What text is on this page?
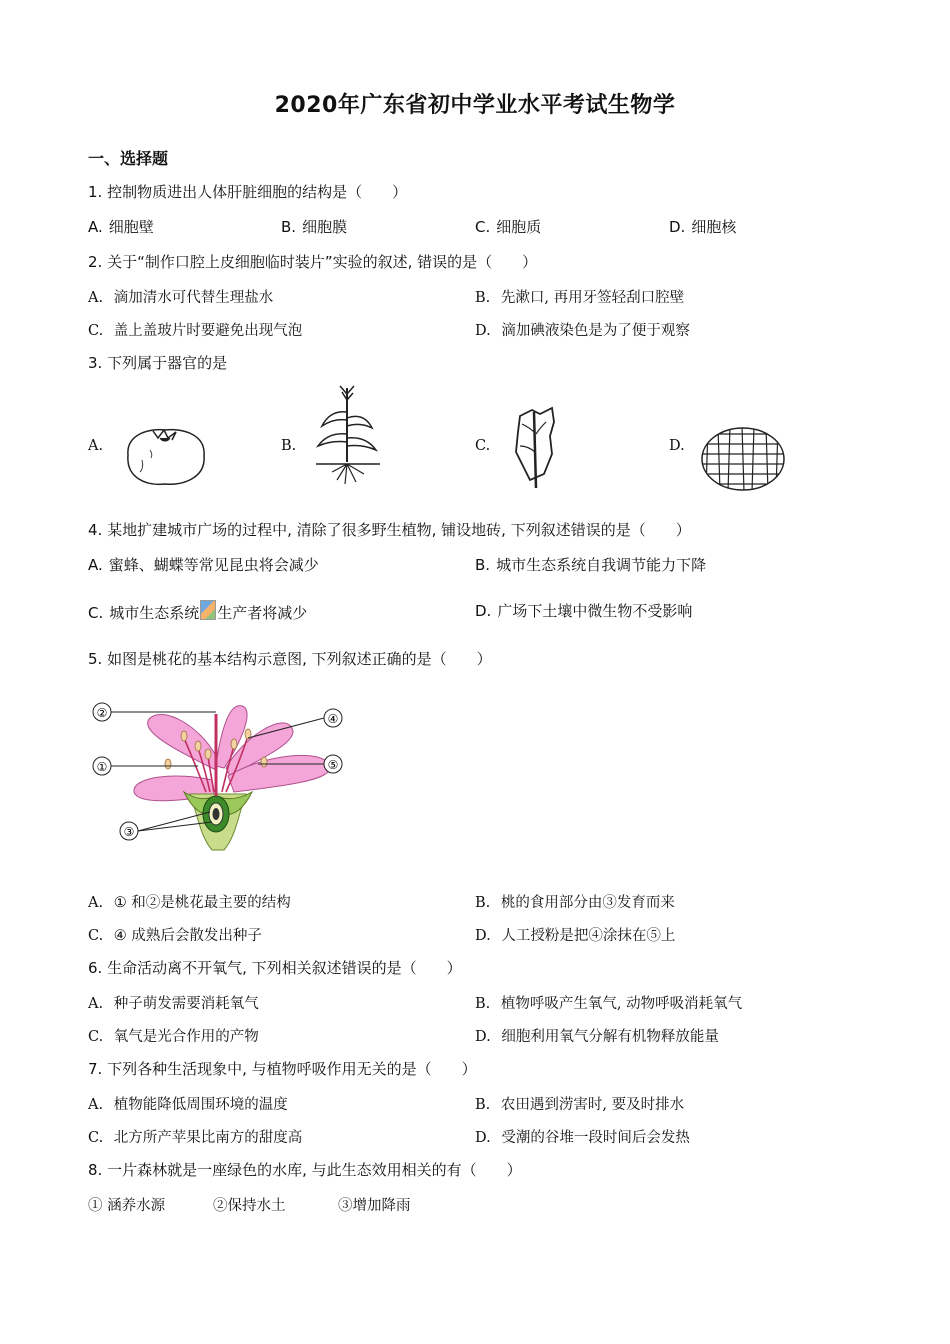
2020年广东省初中学业水平考试生物学
一、选择题
1. 控制物质进出人体肝脏细胞的结构是（　　）
A. 细胞壁	B. 细胞膜	C. 细胞质	D. 细胞核
2. 关于“制作口腔上皮细胞临时装片”实验的叙述, 错误的是（　　）
A. 滴加清水可代替生理盐水	B. 先漱口, 再用牙签轻刮口腔壁
C. 盖上盖玻片时要避免出现气泡	D. 滴加碘液染色是为了便于观察
3. 下列属于器官的是
A.	B.	C.	D.
4. 某地扩建城市广场的过程中, 清除了很多野生植物, 铺设地砖, 下列叙述错误的是（　　）
A. 蜜蜂、蝴蝶等常见昆虫将会减少	B. 城市生态系统自我调节能力下降
C. 城市生态系统 生产者将减少	D. 广场下土壤中微生物不受影响
5. 如图是桃花的基本结构示意图, 下列叙述正确的是（　　）
②
①
③
④
⑤
A. ① 和②是桃花最主要的结构	B. 桃的食用部分由③发育而来
C. ④ 成熟后会散发出种子	D. 人工授粉是把④涂抹在⑤上
6. 生命活动离不开氧气, 下列相关叙述错误的是（　　）
A. 种子萌发需要消耗氧气	B. 植物呼吸产生氧气, 动物呼吸消耗氧气
C. 氧气是光合作用的产物	D. 细胞利用氧气分解有机物释放能量
7. 下列各种生活现象中, 与植物呼吸作用无关的是（　　）
A. 植物能降低周围环境的温度	B. 农田遇到涝害时, 要及时排水
C. 北方所产苹果比南方的甜度高	D. 受潮的谷堆一段时间后会发热
8. 一片森林就是一座绿色的水库, 与此生态效用相关的有（　　）
① 涵养水源	②保持水土	③增加降雨
